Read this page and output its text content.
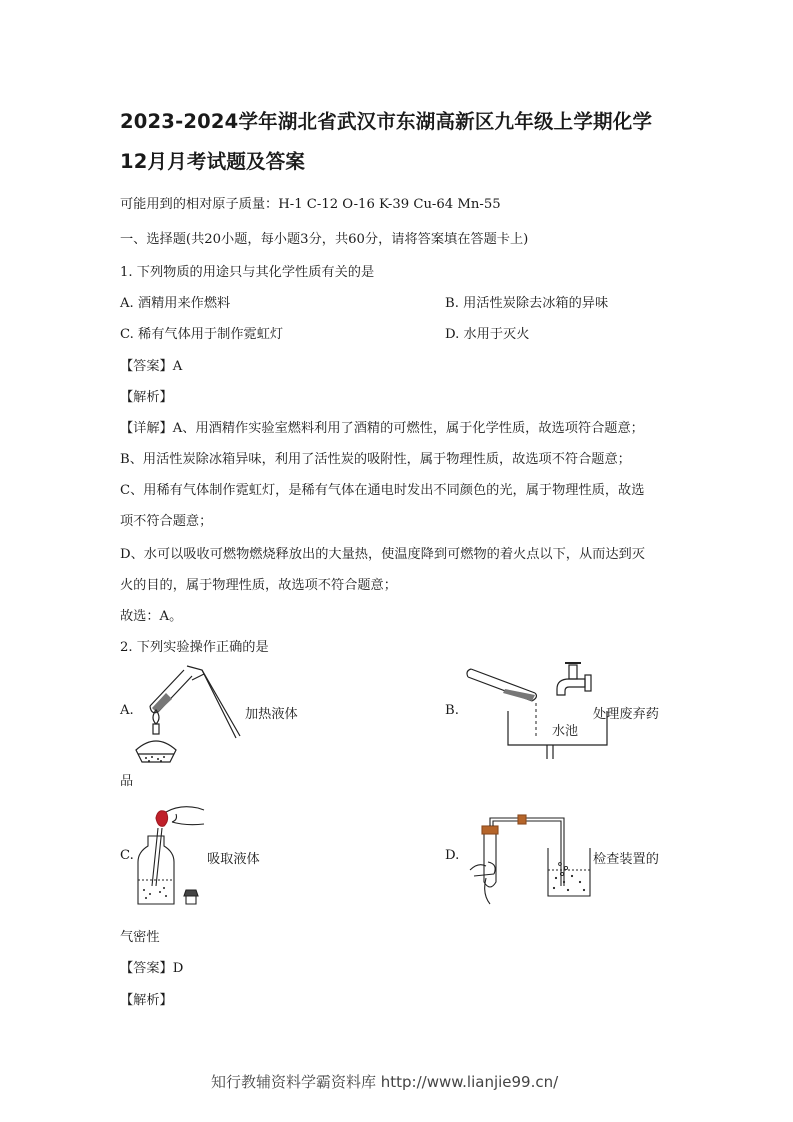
2023-2024学年湖北省武汉市东湖高新区九年级上学期化学
12月月考试题及答案
可能用到的相对原子质量：H-1 C-12 O-16 K-39 Cu-64 Mn-55
一、选择题(共20小题，每小题3分，共60分，请将答案填在答题卡上)
1. 下列物质的用途只与其化学性质有关的是
A. 酒精用来作燃料	B. 用活性炭除去冰箱的异味
C. 稀有气体用于制作霓虹灯	D. 水用于灭火
【答案】A
【解析】
【详解】A、用酒精作实验室燃料利用了酒精的可燃性，属于化学性质，故选项符合题意；
B、用活性炭除冰箱异味，利用了活性炭的吸附性，属于物理性质，故选项不符合题意；
C、用稀有气体制作霓虹灯，是稀有气体在通电时发出不同颜色的光，属于物理性质，故选
项不符合题意；
D、水可以吸收可燃物燃烧释放出的大量热，使温度降到可燃物的着火点以下，从而达到灭
火的目的，属于物理性质，故选项不符合题意；
故选：A。
2. 下列实验操作正确的是
A.	加热液体	B.
水池
处理废弃药
品
C.	吸取液体	D.	检查装置的
气密性
【答案】D
【解析】
知行教辅资料学霸资料库 http://www.lianjie99.cn/
